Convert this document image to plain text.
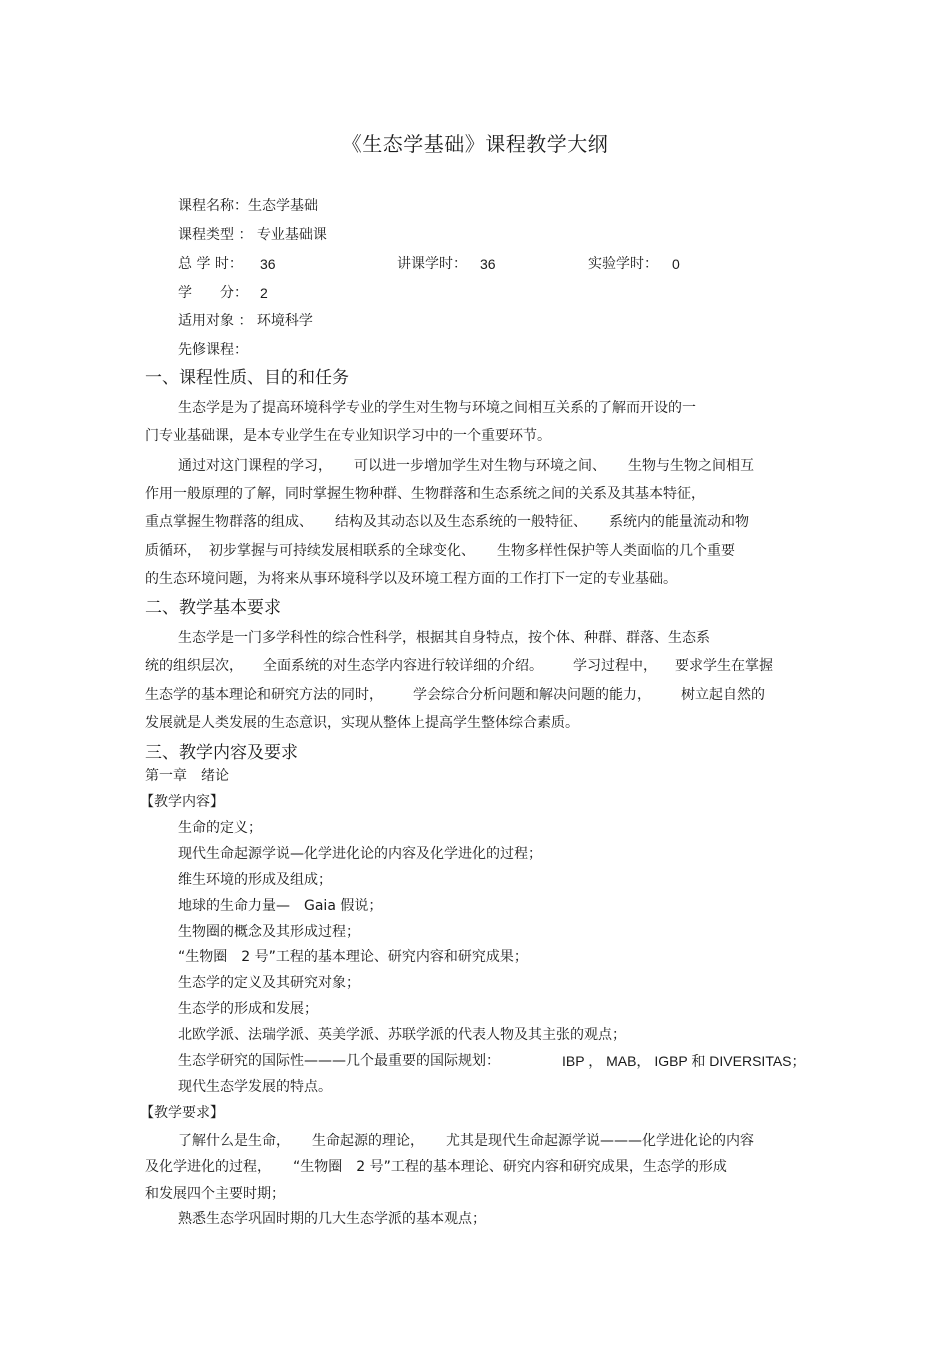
《生态学基础》课程教学大纲
课程名称：生态学基础
课程类型 ： 专业基础课
总 学 时： 36	讲课学时： 36	实验学时： 0
学　　分： 2
适用对象 ： 环境科学
先修课程：
一、课程性质、目的和任务
生态学是为了提高环境科学专业的学生对生物与环境之间相互关系的了解而开设的一
门专业基础课，是本专业学生在专业知识学习中的一个重要环节。
通过对这门课程的学习， 可以进一步增加学生对生物与环境之间、 生物与生物之间相互
作用一般原理的了解，同时掌握生物种群、生物群落和生态系统之间的关系及其基本特征，
重点掌握生物群落的组成、 结构及其动态以及生态系统的一般特征、 系统内的能量流动和物
质循环， 初步掌握与可持续发展相联系的全球变化、 生物多样性保护等人类面临的几个重要
的生态环境问题，为将来从事环境科学以及环境工程方面的工作打下一定的专业基础。
二、教学基本要求
生态学是一门多学科性的综合性科学，根据其自身特点，按个体、种群、群落、生态系
统的组织层次， 全面系统的对生态学内容进行较详细的介绍。 学习过程中， 要求学生在掌握
生态学的基本理论和研究方法的同时， 学会综合分析问题和解决问题的能力， 树立起自然的
发展就是人类发展的生态意识，实现从整体上提高学生整体综合素质。
三、教学内容及要求
第一章　绪论
【教学内容】
生命的定义；
现代生命起源学说—化学进化论的内容及化学进化的过程；
维生环境的形成及组成；
地球的生命力量—　Gaia 假说；
生物圈的概念及其形成过程；
“生物圈　2 号”工程的基本理论、研究内容和研究成果；
生态学的定义及其研究对象；
生态学的形成和发展；
北欧学派、法瑞学派、英美学派、苏联学派的代表人物及其主张的观点；
生态学研究的国际性———几个最重要的国际规划：	IBP ， MAB， IGBP 和 DIVERSITAS；
现代生态学发展的特点。
【教学要求】
了解什么是生命， 生命起源的理论， 尤其是现代生命起源学说———化学进化论的内容
及化学进化的过程， “生物圈　2 号”工程的基本理论、研究内容和研究成果，生态学的形成
和发展四个主要时期；
熟悉生态学巩固时期的几大生态学派的基本观点；
